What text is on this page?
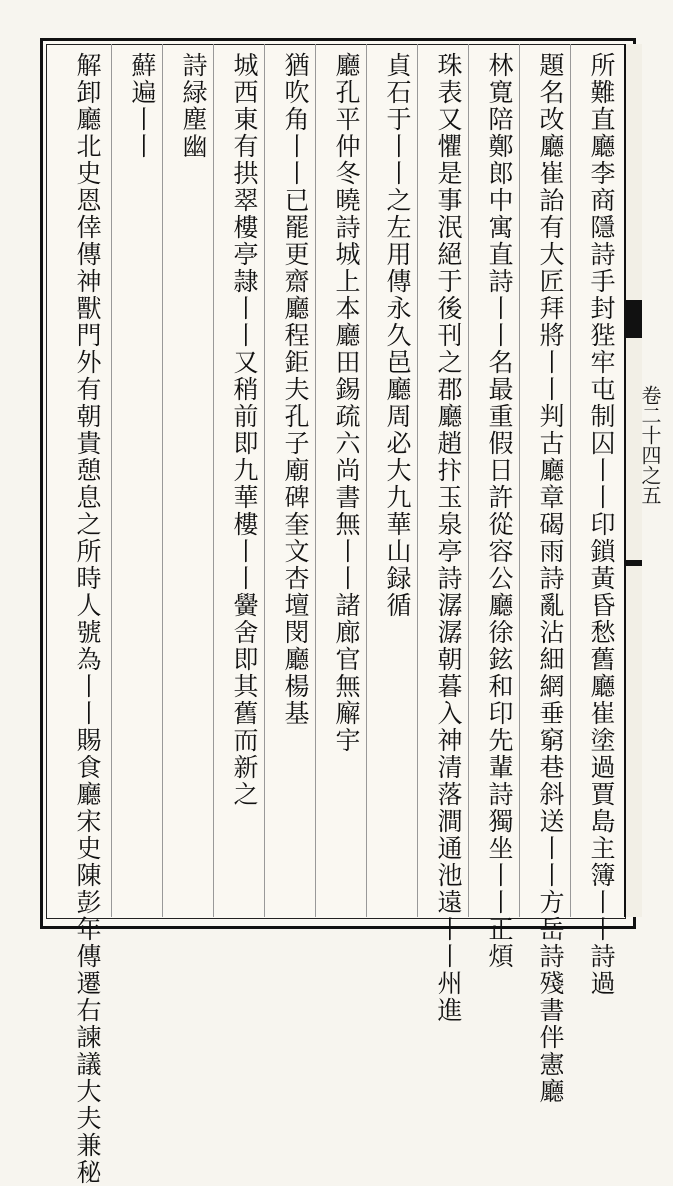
所難直廳李商隱詩手封狴牢屯制囚丨丨印鎖黃昏愁舊廳崔塗過賈島主簿丨丨詩過
題名改廳崔詒有大匠拜將丨丨判古廳章碣雨詩亂沾細網垂窮巷斜送丨丨方岳詩殘書伴憲廳
林寛陪鄭郎中寓直詩丨丨名最重假日許從容公廳徐鉉和印先輩詩獨坐丨丨正煩
珠表又懼是事泯絕于後刊之郡廳趙抃玉泉亭詩潺潺朝暮入神清落澗通池遠丨丨州進
貞石于丨丨之左用傳永久邑廳周必大九華山録循
廳孔平仲冬曉詩城上本廳田錫疏六尚書無丨丨諸廊官無廨宇
猶吹角丨丨已罷更齋廳程鉅夫孔子廟碑奎文杏壇閔廳楊基
城西東有拱翠樓亭隷丨丨又稍前即九華樓丨丨黌舍即其舊而新之
詩緑塵幽
蘚遍丨丨
解卸廳北史恩倖傳神獸門外有朝貴憩息之所時人號為丨丨賜食廳宋史陳彭年傳遷右諫議大夫兼秘	卷二十四之五
